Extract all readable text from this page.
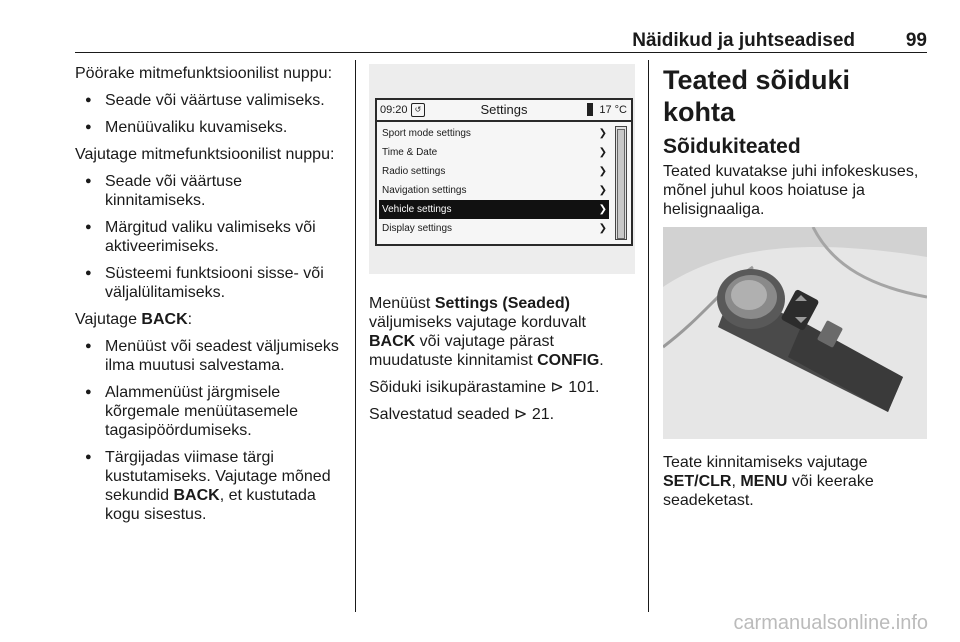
Näidikud ja juhtseadised	99

Pöörake mitmefunktsioonilist nuppu:

● Seade või väärtuse valimiseks.
● Menüüvaliku kuvamiseks.

Vajutage mitmefunktsioonilist nuppu:

● Seade või väärtuse kinnitamiseks.
● Märgitud valiku valimiseks või aktiveerimiseks.
● Süsteemi funktsiooni sisse- või väljalülitamiseks.

Vajutage BACK:

● Menüüst või seadest väljumiseks ilma muutusi salvestama.
● Alammenüüst järgmisele kõrgemale menüütasemele tagasipöördumiseks.
● Tärgijadas viimase tärgi kustutamiseks. Vajutage mõned sekundid BACK, et kustutada kogu sisestus.
09:20 ↺	Settings	17 °C
Sport mode settings	❯
Time & Date	❯
Radio settings	❯
Navigation settings	❯
Vehicle settings	❯
Display settings	❯

Menüüst Settings (Seaded) väljumiseks vajutage korduvalt BACK või vajutage pärast muudatuste kinnitamist CONFIG.

Sõiduki isikupärastamine ⊳ 101.

Salvestatud seaded ⊳ 21.

Teated sõiduki kohta
Sõidukiteated

Teated kuvatakse juhi infokeskuses, mõnel juhul koos hoiatuse ja helisignaaliga.

Teate kinnitamiseks vajutage SET/CLR, MENU või keerake seadeketast.

carmanualsonline.info
